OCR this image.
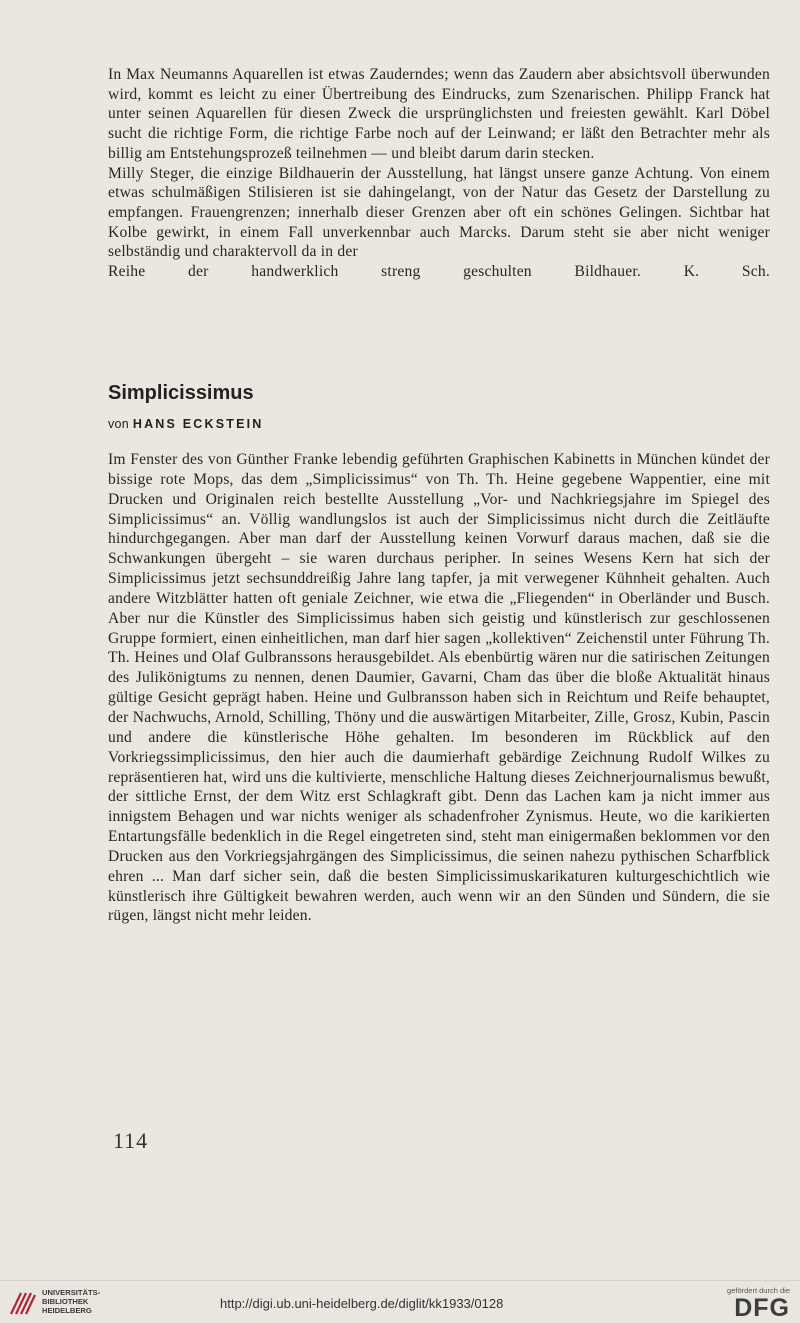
In Max Neumanns Aquarellen ist etwas Zauderndes; wenn das Zaudern aber absichtsvoll überwunden wird, kommt es leicht zu einer Übertreibung des Eindrucks, zum Szenarischen. Philipp Franck hat unter seinen Aquarellen für diesen Zweck die ursprünglichsten und freiesten gewählt. Karl Döbel sucht die richtige Form, die richtige Farbe noch auf der Leinwand; er läßt den Betrachter mehr als billig am Entstehungsprozeß teilnehmen — und bleibt darum darin stecken.

Milly Steger, die einzige Bildhauerin der Ausstellung, hat längst unsere ganze Achtung. Von einem etwas schulmäßigen Stilisieren ist sie dahingelangt, von der Natur das Gesetz der Darstellung zu empfangen. Frauengrenzen; innerhalb dieser Grenzen aber oft ein schönes Gelingen. Sichtbar hat Kolbe gewirkt, in einem Fall unverkennbar auch Marcks. Darum steht sie aber nicht weniger selbständig und charaktervoll da in der

Reihe der handwerklich streng geschulten Bildhauer.	K. Sch.

Simplicissimus
von HANS ECKSTEIN

Im Fenster des von Günther Franke lebendig geführten Graphischen Kabinetts in München kündet der bissige rote Mops, das dem „Simplicissimus“ von Th. Th. Heine gegebene Wappentier, eine mit Drucken und Originalen reich bestellte Ausstellung „Vor- und Nachkriegsjahre im Spiegel des Simplicissimus“ an. Völlig wandlungslos ist auch der Simplicissimus nicht durch die Zeitläufte hindurchgegangen. Aber man darf der Ausstellung keinen Vorwurf daraus machen, daß sie die Schwankungen übergeht – sie waren durchaus peripher. In seines Wesens Kern hat sich der Simplicissimus jetzt sechsunddreißig Jahre lang tapfer, ja mit verwegener Kühnheit gehalten. Auch andere Witzblätter hatten oft geniale Zeichner, wie etwa die „Fliegenden“ in Oberländer und Busch. Aber nur die Künstler des Simplicissimus haben sich geistig und künstlerisch zur geschlossenen Gruppe formiert, einen einheitlichen, man darf hier sagen „kollektiven“ Zeichenstil unter Führung Th. Th. Heines und Olaf Gulbranssons herausgebildet. Als ebenbürtig wären nur die satirischen Zeitungen des Julikönigtums zu nennen, denen Daumier, Gavarni, Cham das über die bloße Aktualität hinaus gültige Gesicht geprägt haben. Heine und Gulbransson haben sich in Reichtum und Reife behauptet, der Nachwuchs, Arnold, Schilling, Thöny und die auswärtigen Mitarbeiter, Zille, Grosz, Kubin, Pascin und andere die künstlerische Höhe gehalten. Im besonderen im Rückblick auf den Vorkriegssimplicissimus, den hier auch die daumierhaft gebärdige Zeichnung Rudolf Wilkes zu repräsentieren hat, wird uns die kultivierte, menschliche Haltung dieses Zeichnerjournalismus bewußt, der sittliche Ernst, der dem Witz erst Schlagkraft gibt. Denn das Lachen kam ja nicht immer aus innigstem Behagen und war nichts weniger als schadenfroher Zynismus. Heute, wo die karikierten Entartungsfälle bedenklich in die Regel eingetreten sind, steht man einigermaßen beklommen vor den Drucken aus den Vorkriegsjahrgängen des Simplicissimus, die seinen nahezu pythischen Scharfblick ehren ... Man darf sicher sein, daß die besten Simplicissimuskarikaturen kulturgeschichtlich wie künstlerisch ihre Gültigkeit bewahren werden, auch wenn wir an den Sünden und Sündern, die sie rügen, längst nicht mehr leiden.

114
UNIVERSITÄTS-
BIBLIOTHEK
HEIDELBERG	http://digi.ub.uni-heidelberg.de/diglit/kk1933/0128
gefördert durch die
DFG
